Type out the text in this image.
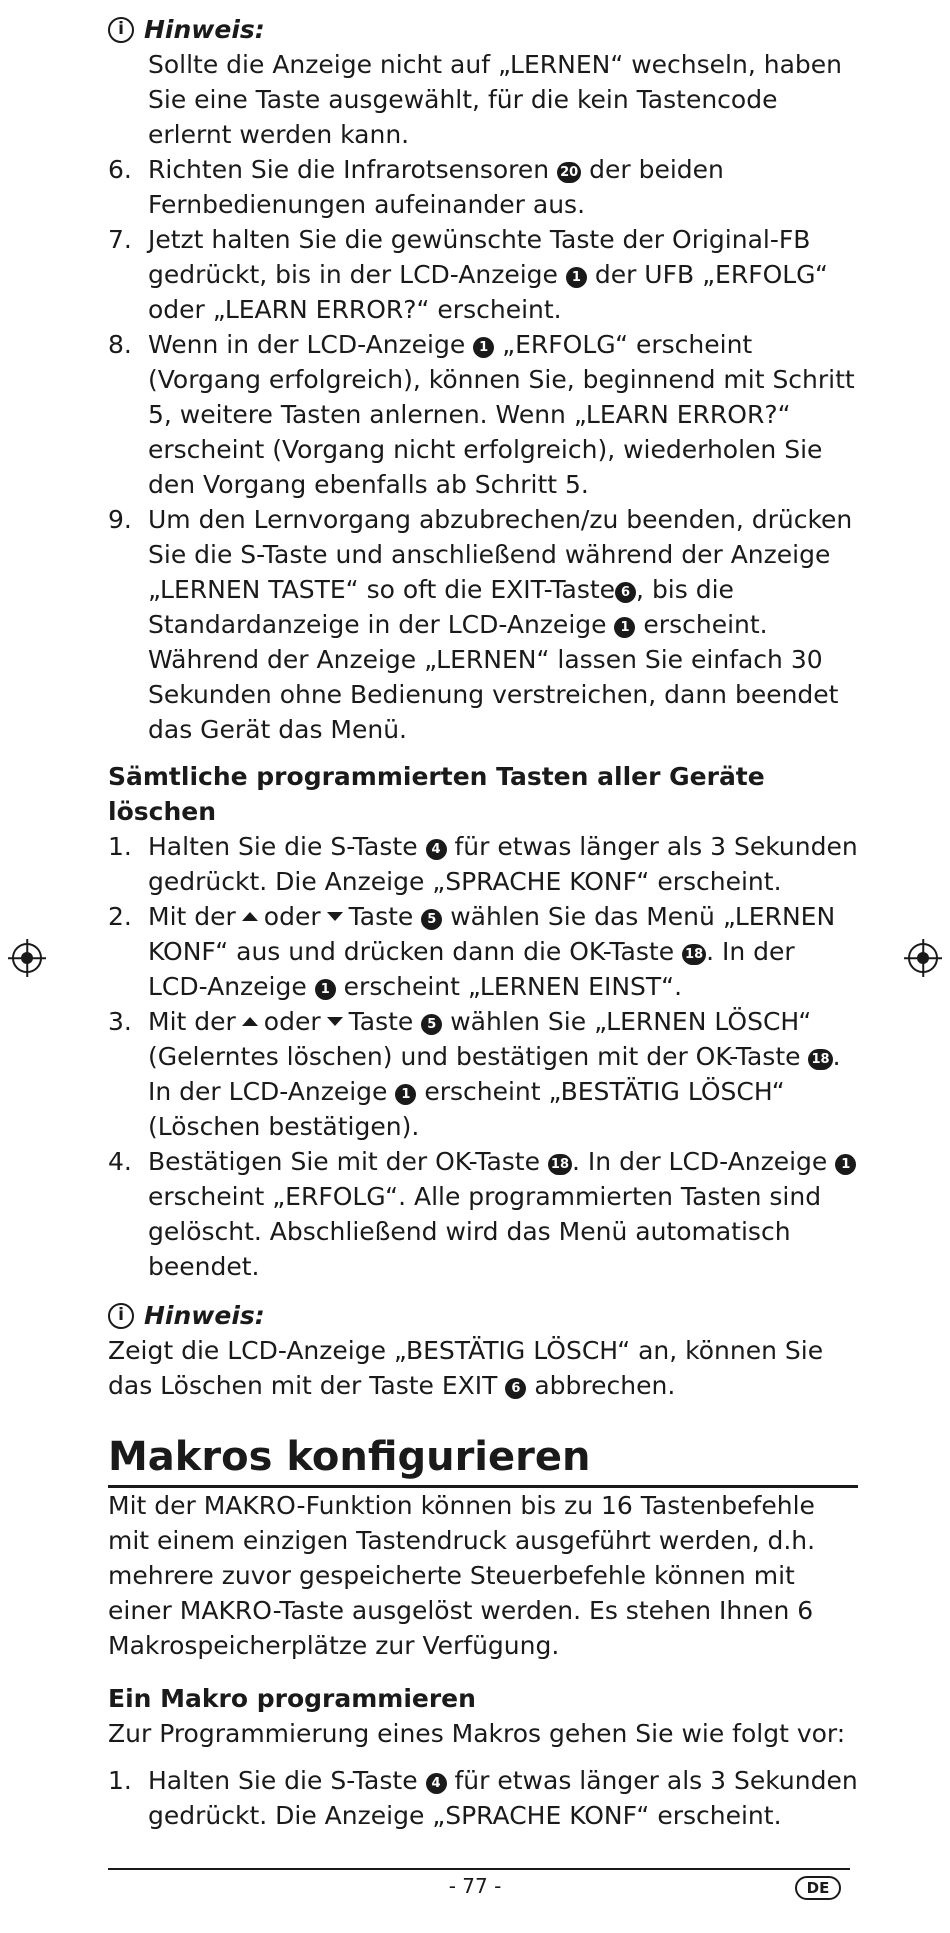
i Hinweis:
Sollte die Anzeige nicht auf „LERNEN“ wechseln, haben Sie eine Taste ausgewählt, für die kein Tastencode erlernt werden kann.
6. Richten Sie die Infrarotsensoren 20 der beiden Fernbedienungen aufeinander aus.
7. Jetzt halten Sie die gewünschte Taste der Original-FB gedrückt, bis in der LCD-Anzeige 1 der UFB „ERFOLG“ oder „LEARN ERROR?“ erscheint.
8. Wenn in der LCD-Anzeige 1 „ERFOLG“ erscheint (Vorgang erfolgreich), können Sie, beginnend mit Schritt 5, weitere Tasten anlernen. Wenn „LEARN ERROR?“ erscheint (Vorgang nicht erfolgreich), wiederholen Sie den Vorgang ebenfalls ab Schritt 5.
9. Um den Lernvorgang abzubrechen/zu beenden, drücken Sie die S-Taste und anschließend während der Anzeige „LERNEN TASTE“ so oft die EXIT-Taste 6 , bis die Standardanzeige in der LCD-Anzeige 1 erscheint. Während der Anzeige „LERNEN“ lassen Sie einfach 30 Sekunden ohne Bedienung verstreichen, dann beendet das Gerät das Menü.
Sämtliche programmierten Tasten aller Geräte löschen
1. Halten Sie die S-Taste 4 für etwas länger als 3 Sekunden gedrückt. Die Anzeige „SPRACHE KONF“ erscheint.
2. Mit der oder Taste 5 wählen Sie das Menü „LERNEN KONF“ aus und drücken dann die OK-Taste 18 . In der LCD-Anzeige 1 erscheint „LERNEN EINST“.
3. Mit der oder Taste 5 wählen Sie „LERNEN LÖSCH“ (Gelerntes löschen) und bestätigen mit der OK-Taste 18 . In der LCD-Anzeige 1 erscheint „BESTÄTIG LÖSCH“ (Löschen bestätigen).
4. Bestätigen Sie mit der OK-Taste 18 . In der LCD-Anzeige 1 erscheint „ERFOLG“. Alle programmierten Tasten sind gelöscht. Abschließend wird das Menü automatisch beendet.
i Hinweis:
Zeigt die LCD-Anzeige „BESTÄTIG LÖSCH“ an, können Sie das Löschen mit der Taste EXIT 6 abbrechen.
Makros konfigurieren
Mit der MAKRO-Funktion können bis zu 16 Tastenbefehle mit einem einzigen Tastendruck ausgeführt werden, d.h. mehrere zuvor gespeicherte Steuerbefehle können mit einer MAKRO-Taste ausgelöst werden. Es stehen Ihnen 6 Makrospeicherplätze zur Verfügung.
Ein Makro programmieren
Zur Programmierung eines Makros gehen Sie wie folgt vor:
1. Halten Sie die S-Taste 4 für etwas länger als 3 Sekunden gedrückt. Die Anzeige „SPRACHE KONF“ erscheint.
- 77 -	DE
